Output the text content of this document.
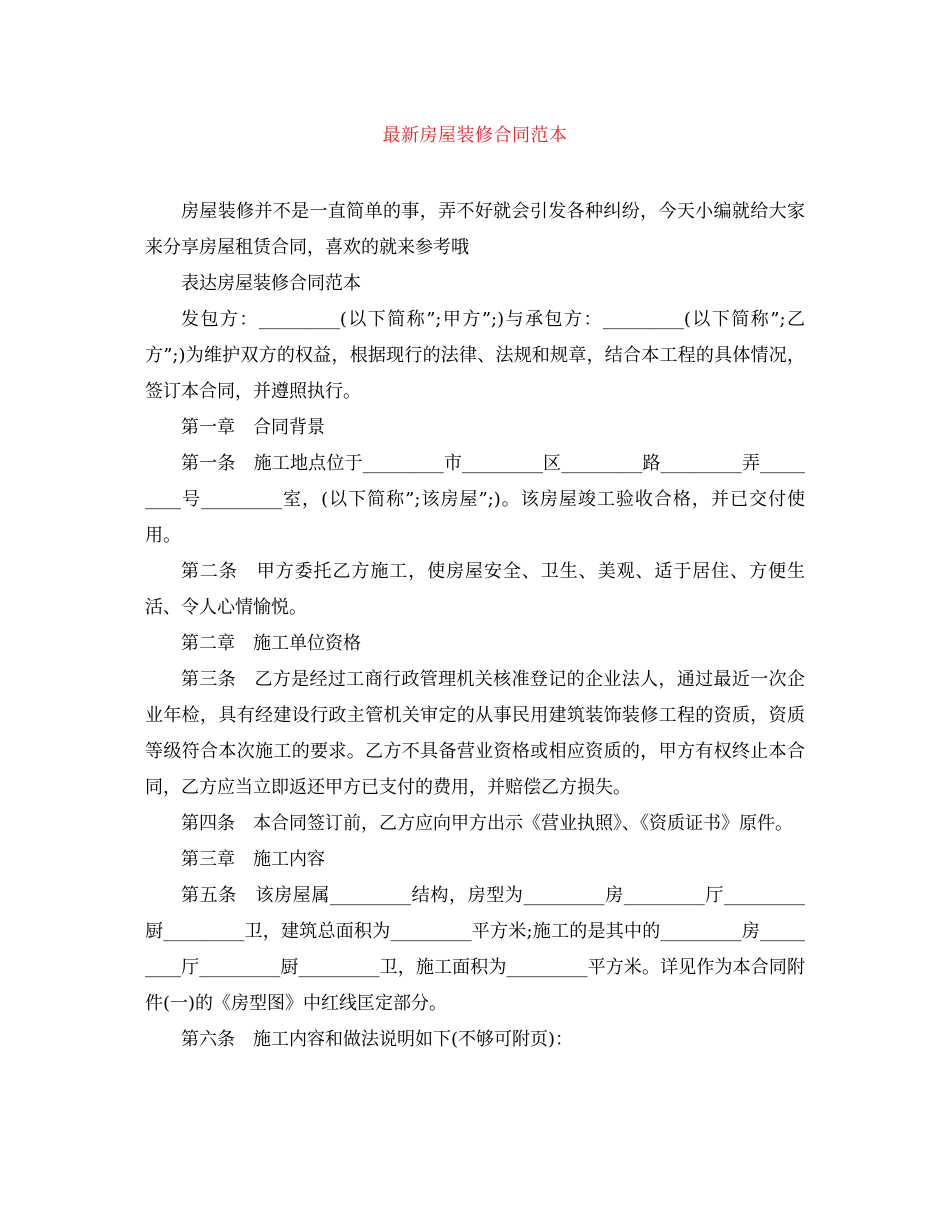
最新房屋装修合同范本

房屋装修并不是一直简单的事，弄不好就会引发各种纠纷，今天小编就给大家来分享房屋租赁合同，喜欢的就来参考哦

表达房屋装修合同范本

发包方：_________(以下简称”;甲方”;)与承包方：_________(以下简称”;乙方”;)为维护双方的权益，根据现行的法律、法规和规章，结合本工程的具体情况，签订本合同，并遵照执行。

第一章　合同背景

第一条　施工地点位于_________市_________区_________路_________弄_________号_________室，(以下简称”;该房屋”;)。该房屋竣工验收合格，并已交付使用。

第二条　甲方委托乙方施工，使房屋安全、卫生、美观、适于居住、方便生活、令人心情愉悦。

第二章　施工单位资格

第三条　乙方是经过工商行政管理机关核准登记的企业法人，通过最近一次企业年检，具有经建设行政主管机关审定的从事民用建筑装饰装修工程的资质，资质等级符合本次施工的要求。乙方不具备营业资格或相应资质的，甲方有权终止本合同，乙方应当立即返还甲方已支付的费用，并赔偿乙方损失。

第四条　本合同签订前，乙方应向甲方出示《营业执照》、《资质证书》原件。

第三章　施工内容

第五条　该房屋属_________结构，房型为_________房_________厅_________厨_________卫，建筑总面积为_________平方米;施工的是其中的_________房_________厅_________厨_________卫，施工面积为_________平方米。详见作为本合同附件(一)的《房型图》中红线匡定部分。

第六条　施工内容和做法说明如下(不够可附页)：
